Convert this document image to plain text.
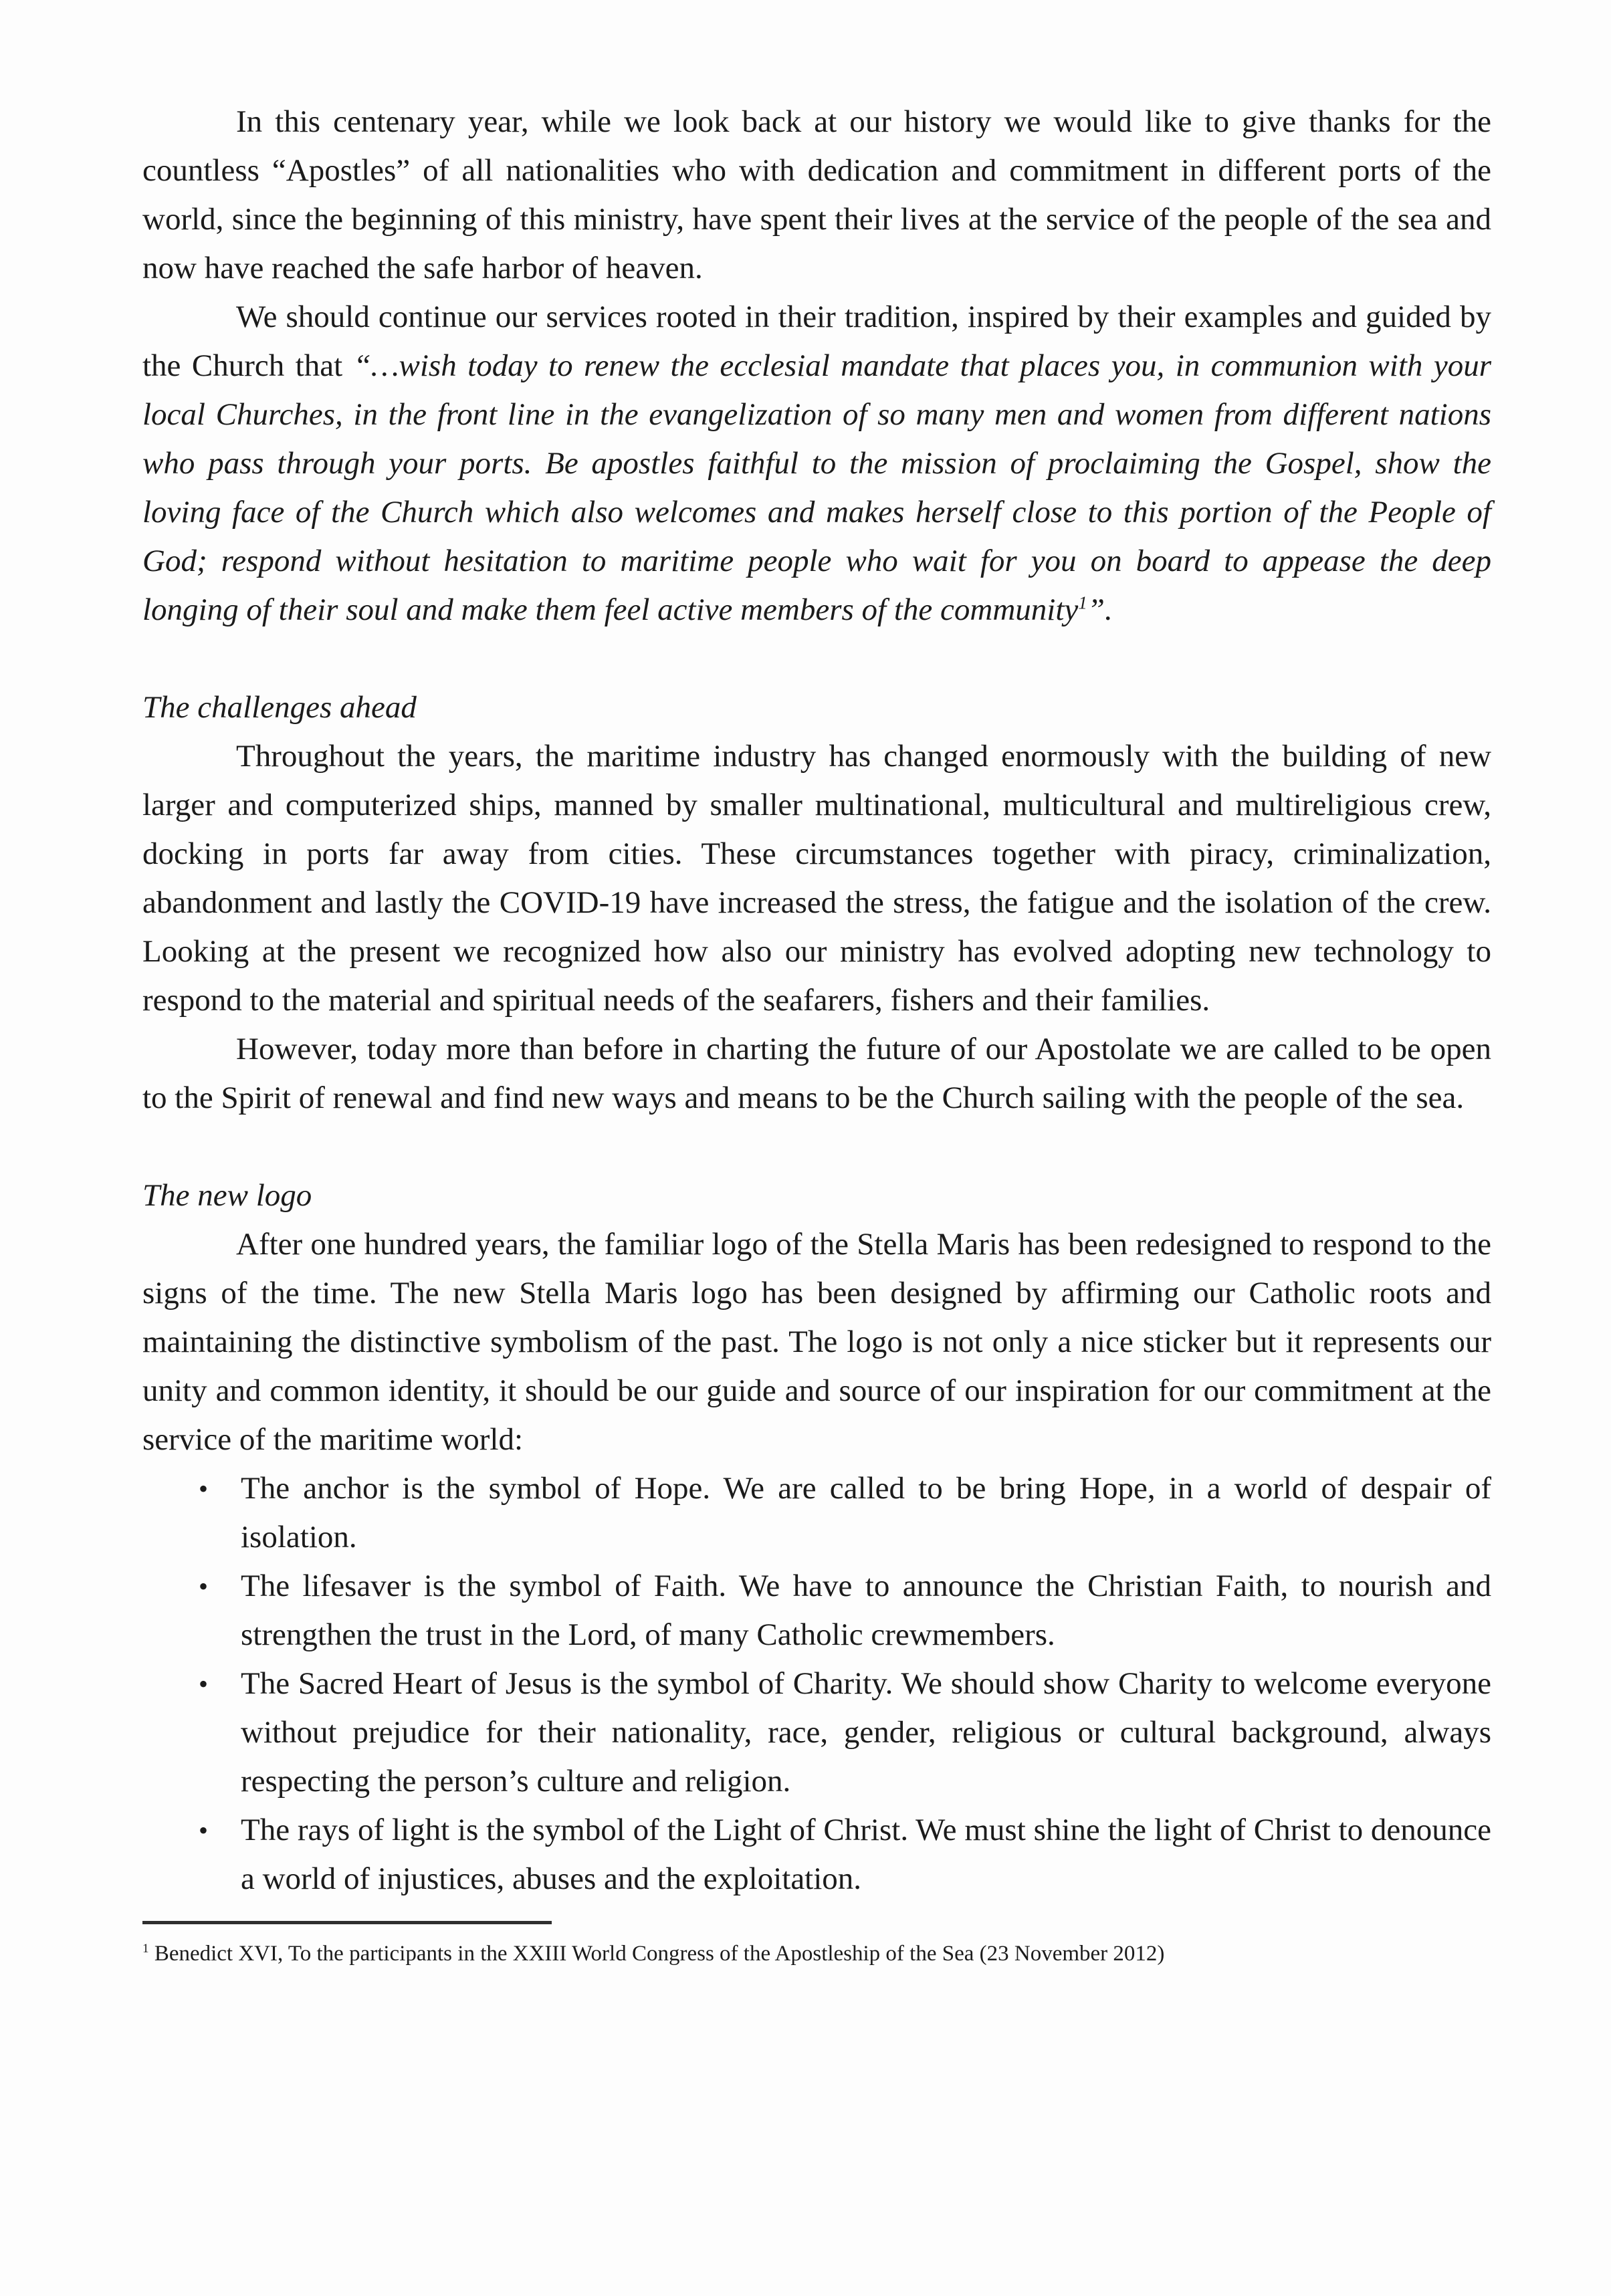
In this centenary year, while we look back at our history we would like to give thanks for the countless “Apostles” of all nationalities who with dedication and commitment in different ports of the world, since the beginning of this ministry, have spent their lives at the service of the people of the sea and now have reached the safe harbor of heaven.

We should continue our services rooted in their tradition, inspired by their examples and guided by the Church that “…wish today to renew the ecclesial mandate that places you, in communion with your local Churches, in the front line in the evangelization of so many men and women from different nations who pass through your ports. Be apostles faithful to the mission of proclaiming the Gospel, show the loving face of the Church which also welcomes and makes herself close to this portion of the People of God; respond without hesitation to maritime people who wait for you on board to appease the deep longing of their soul and make them feel active members of the community$^1$”.

The challenges ahead

Throughout the years, the maritime industry has changed enormously with the building of new larger and computerized ships, manned by smaller multinational, multicultural and multireligious crew, docking in ports far away from cities. These circumstances together with piracy, criminalization, abandonment and lastly the COVID-19 have increased the stress, the fatigue and the isolation of the crew. Looking at the present we recognized how also our ministry has evolved adopting new technology to respond to the material and spiritual needs of the seafarers, fishers and their families.

However, today more than before in charting the future of our Apostolate we are called to be open to the Spirit of renewal and find new ways and means to be the Church sailing with the people of the sea.

The new logo

After one hundred years, the familiar logo of the Stella Maris has been redesigned to respond to the signs of the time. The new Stella Maris logo has been designed by affirming our Catholic roots and maintaining the distinctive symbolism of the past. The logo is not only a nice sticker but it represents our unity and common identity, it should be our guide and source of our inspiration for our commitment at the service of the maritime world:

• The anchor is the symbol of Hope. We are called to be bring Hope, in a world of despair of isolation.
• The lifesaver is the symbol of Faith. We have to announce the Christian Faith, to nourish and strengthen the trust in the Lord, of many Catholic crewmembers.
• The Sacred Heart of Jesus is the symbol of Charity. We should show Charity to welcome everyone without prejudice for their nationality, race, gender, religious or cultural background, always respecting the person’s culture and religion.
• The rays of light is the symbol of the Light of Christ. We must shine the light of Christ to denounce a world of injustices, abuses and the exploitation.

$^1$ Benedict XVI, To the participants in the XXIII World Congress of the Apostleship of the Sea (23 November 2012)
